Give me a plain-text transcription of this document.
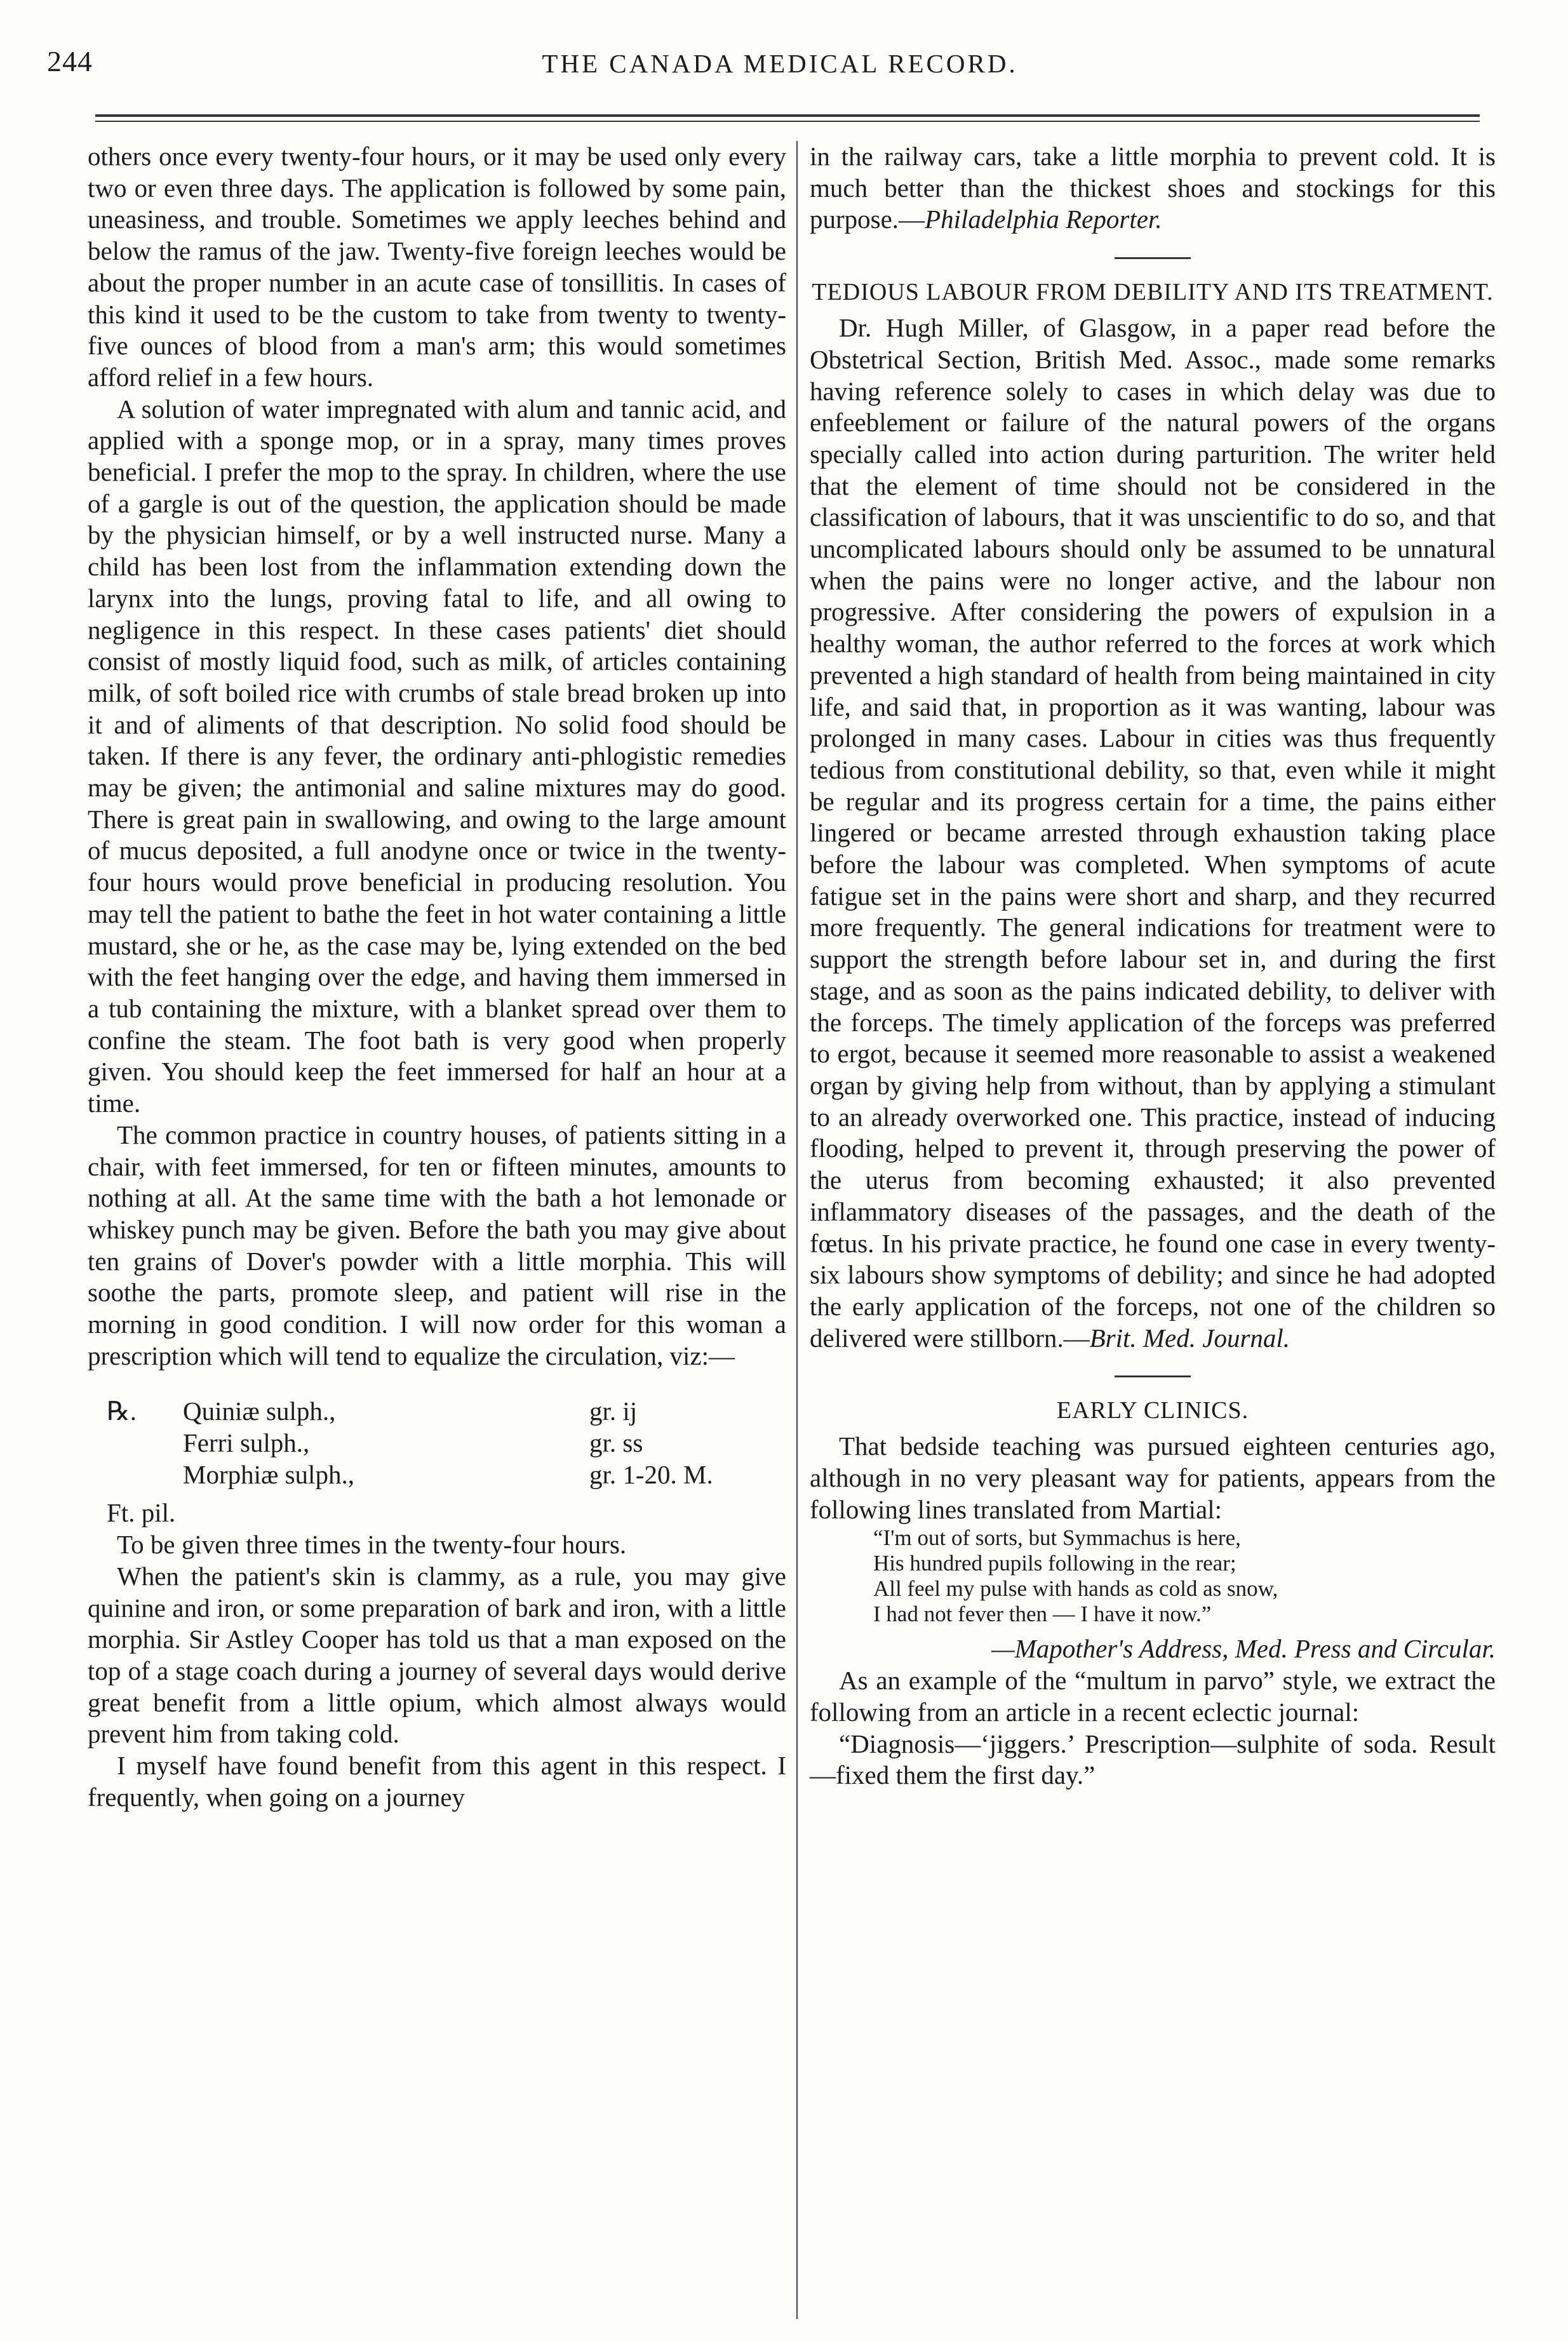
244	THE CANADA MEDICAL RECORD.

others once every twenty-four hours, or it may be used only every two or even three days. The application is followed by some pain, uneasiness, and trouble. Sometimes we apply leeches behind and below the ramus of the jaw. Twenty-five foreign leeches would be about the proper number in an acute case of tonsillitis. In cases of this kind it used to be the custom to take from twenty to twenty-five ounces of blood from a man's arm; this would sometimes afford relief in a few hours.

A solution of water impregnated with alum and tannic acid, and applied with a sponge mop, or in a spray, many times proves beneficial. I prefer the mop to the spray. In children, where the use of a gargle is out of the question, the application should be made by the physician himself, or by a well instructed nurse. Many a child has been lost from the inflammation extending down the larynx into the lungs, proving fatal to life, and all owing to negligence in this respect. In these cases patients' diet should consist of mostly liquid food, such as milk, of articles containing milk, of soft boiled rice with crumbs of stale bread broken up into it and of aliments of that description. No solid food should be taken. If there is any fever, the ordinary anti-phlogistic remedies may be given; the antimonial and saline mixtures may do good. There is great pain in swallowing, and owing to the large amount of mucus deposited, a full anodyne once or twice in the twenty-four hours would prove beneficial in producing resolution. You may tell the patient to bathe the feet in hot water containing a little mustard, she or he, as the case may be, lying extended on the bed with the feet hanging over the edge, and having them immersed in a tub containing the mixture, with a blanket spread over them to confine the steam. The foot bath is very good when properly given. You should keep the feet immersed for half an hour at a time.

The common practice in country houses, of patients sitting in a chair, with feet immersed, for ten or fifteen minutes, amounts to nothing at all. At the same time with the bath a hot lemonade or whiskey punch may be given. Before the bath you may give about ten grains of Dover's powder with a little morphia. This will soothe the parts, promote sleep, and patient will rise in the morning in good condition. I will now order for this woman a prescription which will tend to equalize the circulation, viz:—

℞.	Quiniæ sulph.,	gr. ij
Ferri sulph.,	gr. ss
Morphiæ sulph.,	gr. 1-20. M.

Ft. pil.

To be given three times in the twenty-four hours.

When the patient's skin is clammy, as a rule, you may give quinine and iron, or some preparation of bark and iron, with a little morphia. Sir Astley Cooper has told us that a man exposed on the top of a stage coach during a journey of several days would derive great benefit from a little opium, which almost always would prevent him from taking cold.

I myself have found benefit from this agent in this respect. I frequently, when going on a journey

in the railway cars, take a little morphia to prevent cold. It is much better than the thickest shoes and stockings for this purpose.—Philadelphia Reporter.

TEDIOUS LABOUR FROM DEBILITY AND ITS TREATMENT.

Dr. Hugh Miller, of Glasgow, in a paper read before the Obstetrical Section, British Med. Assoc., made some remarks having reference solely to cases in which delay was due to enfeeblement or failure of the natural powers of the organs specially called into action during parturition. The writer held that the element of time should not be considered in the classification of labours, that it was unscientific to do so, and that uncomplicated labours should only be assumed to be unnatural when the pains were no longer active, and the labour non progressive. After considering the powers of expulsion in a healthy woman, the author referred to the forces at work which prevented a high standard of health from being maintained in city life, and said that, in proportion as it was wanting, labour was prolonged in many cases. Labour in cities was thus frequently tedious from constitutional debility, so that, even while it might be regular and its progress certain for a time, the pains either lingered or became arrested through exhaustion taking place before the labour was completed. When symptoms of acute fatigue set in the pains were short and sharp, and they recurred more frequently. The general indications for treatment were to support the strength before labour set in, and during the first stage, and as soon as the pains indicated debility, to deliver with the forceps. The timely application of the forceps was preferred to ergot, because it seemed more reasonable to assist a weakened organ by giving help from without, than by applying a stimulant to an already overworked one. This practice, instead of inducing flooding, helped to prevent it, through preserving the power of the uterus from becoming exhausted; it also prevented inflammatory diseases of the passages, and the death of the fœtus. In his private practice, he found one case in every twenty-six labours show symptoms of debility; and since he had adopted the early application of the forceps, not one of the children so delivered were stillborn.—Brit. Med. Journal.

EARLY CLINICS.

That bedside teaching was pursued eighteen centuries ago, although in no very pleasant way for patients, appears from the following lines translated from Martial:

“I'm out of sorts, but Symmachus is here,
His hundred pupils following in the rear;
All feel my pulse with hands as cold as snow,
I had not fever then — I have it now.”

—Mapother's Address, Med. Press and Circular.

As an example of the “multum in parvo” style, we extract the following from an article in a recent eclectic journal:

“Diagnosis—‘jiggers.’ Prescription—sulphite of soda. Result—fixed them the first day.”
